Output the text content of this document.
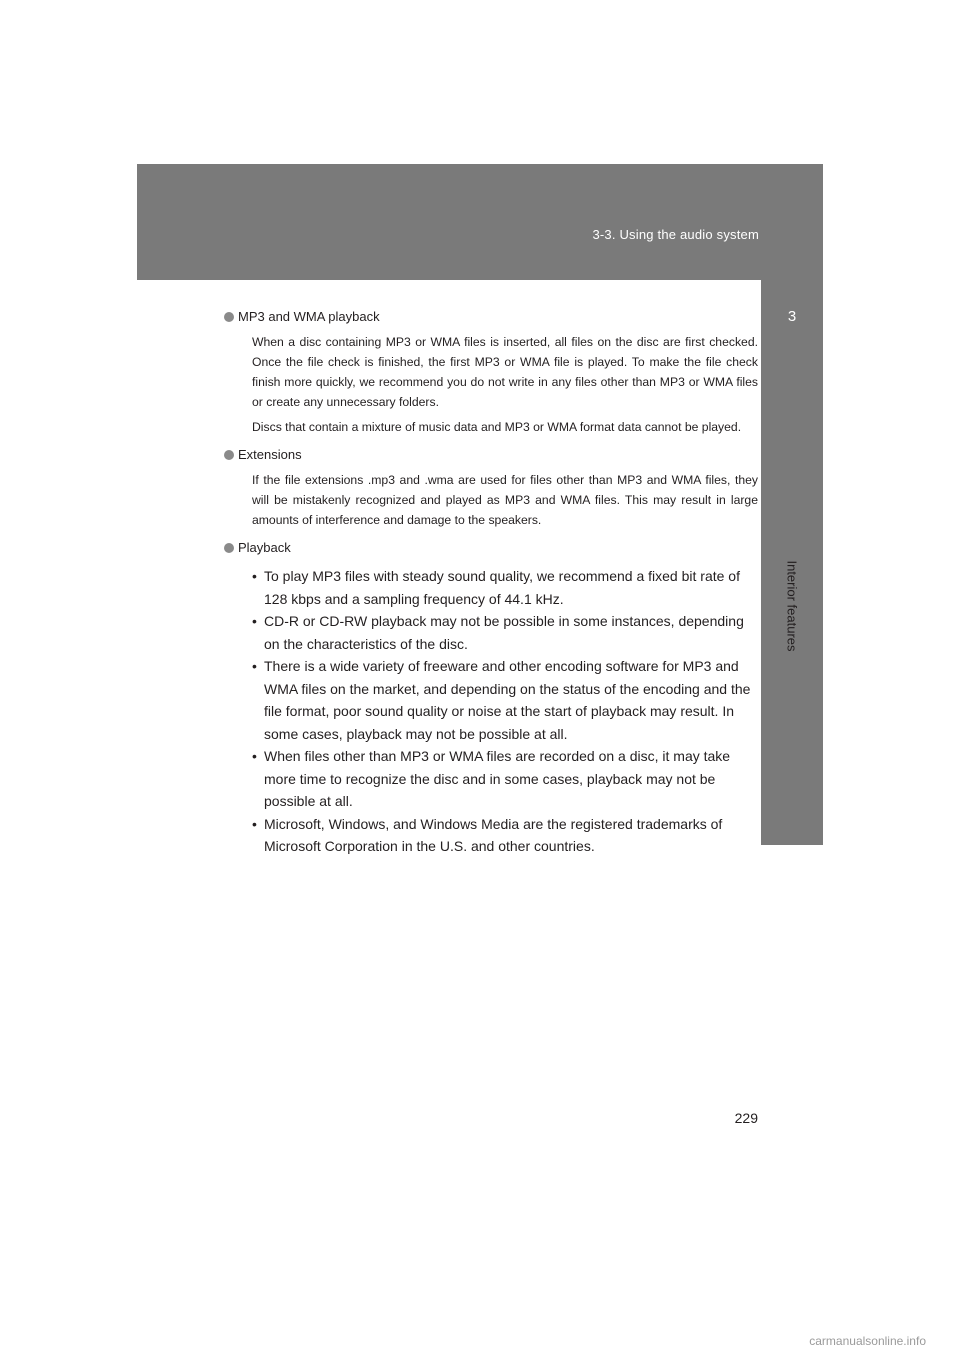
3-3. Using the audio system
3
Interior features

MP3 and WMA playback

When a disc containing MP3 or WMA files is inserted, all files on the disc are first checked. Once the file check is finished, the first MP3 or WMA file is played. To make the file check finish more quickly, we recommend you do not write in any files other than MP3 or WMA files or create any unnecessary folders.

Discs that contain a mixture of music data and MP3 or WMA format data cannot be played.

Extensions

If the file extensions .mp3 and .wma are used for files other than MP3 and WMA files, they will be mistakenly recognized and played as MP3 and WMA files. This may result in large amounts of interference and damage to the speakers.

Playback

• To play MP3 files with steady sound quality, we recommend a fixed bit rate of 128 kbps and a sampling frequency of 44.1 kHz.
• CD-R or CD-RW playback may not be possible in some instances, depending on the characteristics of the disc.
• There is a wide variety of freeware and other encoding software for MP3 and WMA files on the market, and depending on the status of the encoding and the file format, poor sound quality or noise at the start of playback may result. In some cases, playback may not be possible at all.
• When files other than MP3 or WMA files are recorded on a disc, it may take more time to recognize the disc and in some cases, playback may not be possible at all.
• Microsoft, Windows, and Windows Media are the registered trademarks of Microsoft Corporation in the U.S. and other countries.
229
carmanualsonline.info
